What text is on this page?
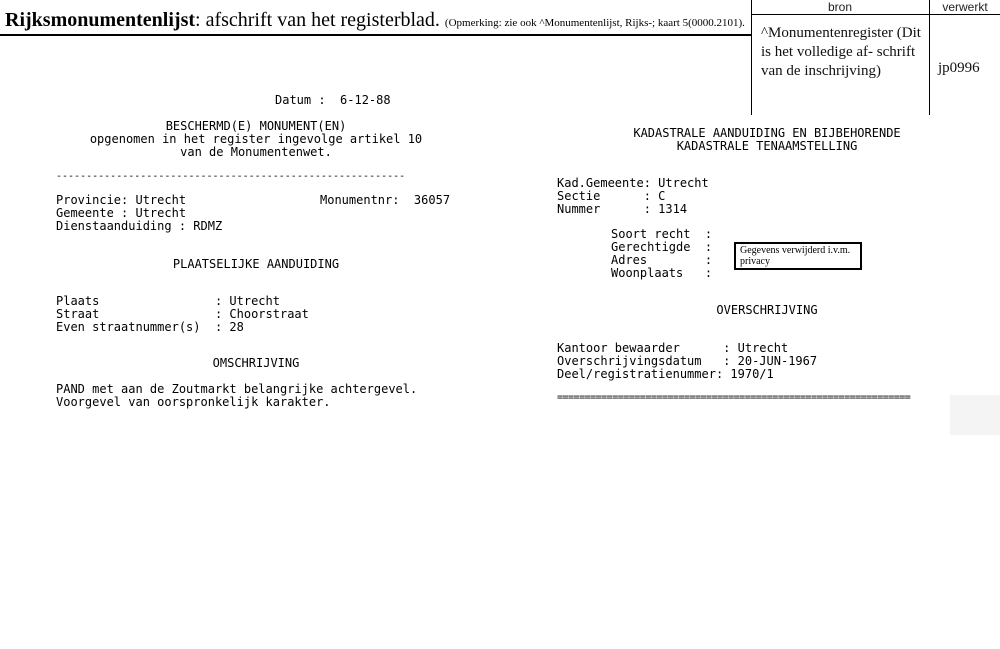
Rijksmonumentenlijst: afschrift van het registerblad. (Opmerking: zie ook ^Monumentenlijst, Rijks-; kaart 5(0000.2101).
bron	verwerkt
^Monumentenregister (Dit is het volledige af- schrift van de inschrijving)	jp0996
Datum :  6-12-88
BESCHERMD(E) MONUMENT(EN)
opgenomen in het register ingevolge artikel 10
van de Monumentenwet.
----------------------------------------------------------
Provincie: Utrecht	Monumentnr:  36057
Gemeente : Utrecht
Dienstaanduiding : RDMZ
PLAATSELIJKE AANDUIDING
Plaats                : Utrecht
Straat                : Choorstraat
Even straatnummer(s)  : 28
OMSCHRIJVING
PAND met aan de Zoutmarkt belangrijke achtergevel.
Voorgevel van oorspronkelijk karakter.
KADASTRALE AANDUIDING EN BIJBEHORENDE
KADASTRALE TENAAMSTELLING
Kad.Gemeente: Utrecht
Sectie      : C
Nummer      : 1314
Soort recht  :
Gerechtigde  :
Adres        :
Woonplaats   :
Gegevens verwijderd i.v.m. privacy
OVERSCHRIJVING
Kantoor bewaarder      : Utrecht
Overschrijvingsdatum   : 20-JUN-1967
Deel/registratienummer: 1970/1
================================================================
